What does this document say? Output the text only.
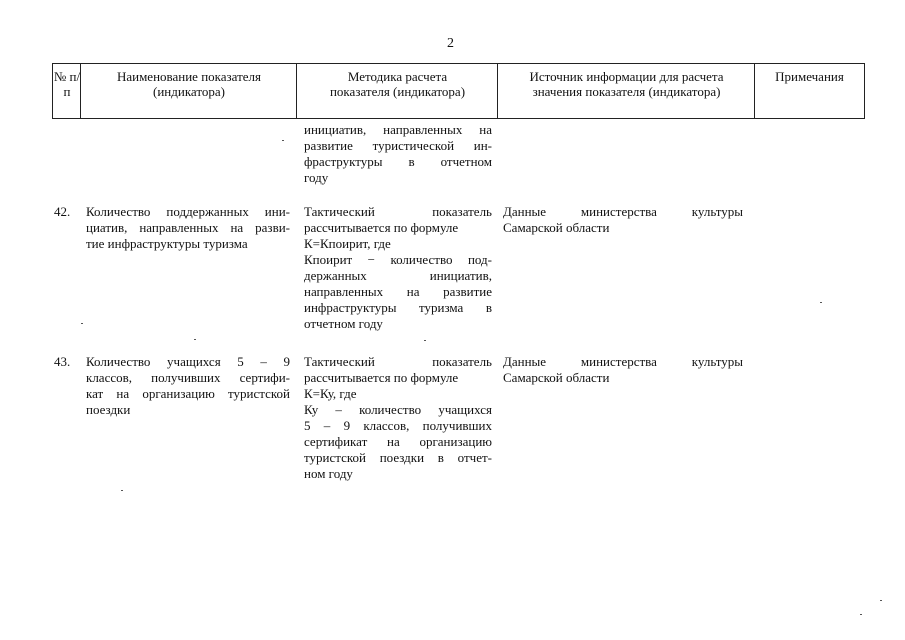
2
№ п/п
Наименование показателя (индикатора)
Методика расчета показателя (индикатора)
Источник информации для расчета значения показателя (индикатора)
Примечания
инициатив, направленных на
развитие туристической ин-
фраструктуры в отчетном
году
42. Количество поддержанных ини-
циатив, направленных на разви-
тие инфраструктуры туризма
Тактический показатель
рассчитывается по формуле
К=Кпоирит, где
Кпоирит − количество под-
держанных инициатив,
направленных на развитие
инфраструктуры туризма в
отчетном году
Данные министерства культуры
Самарской области
43. Количество учащихся 5 – 9
классов, получивших сертифи-
кат на организацию туристской
поездки
Тактический показатель
рассчитывается по формуле
К=Ку, где
Ку – количество учащихся
5 – 9 классов, получивших
сертификат на организацию
туристской поездки в отчет-
ном году
Данные министерства культуры
Самарской области
